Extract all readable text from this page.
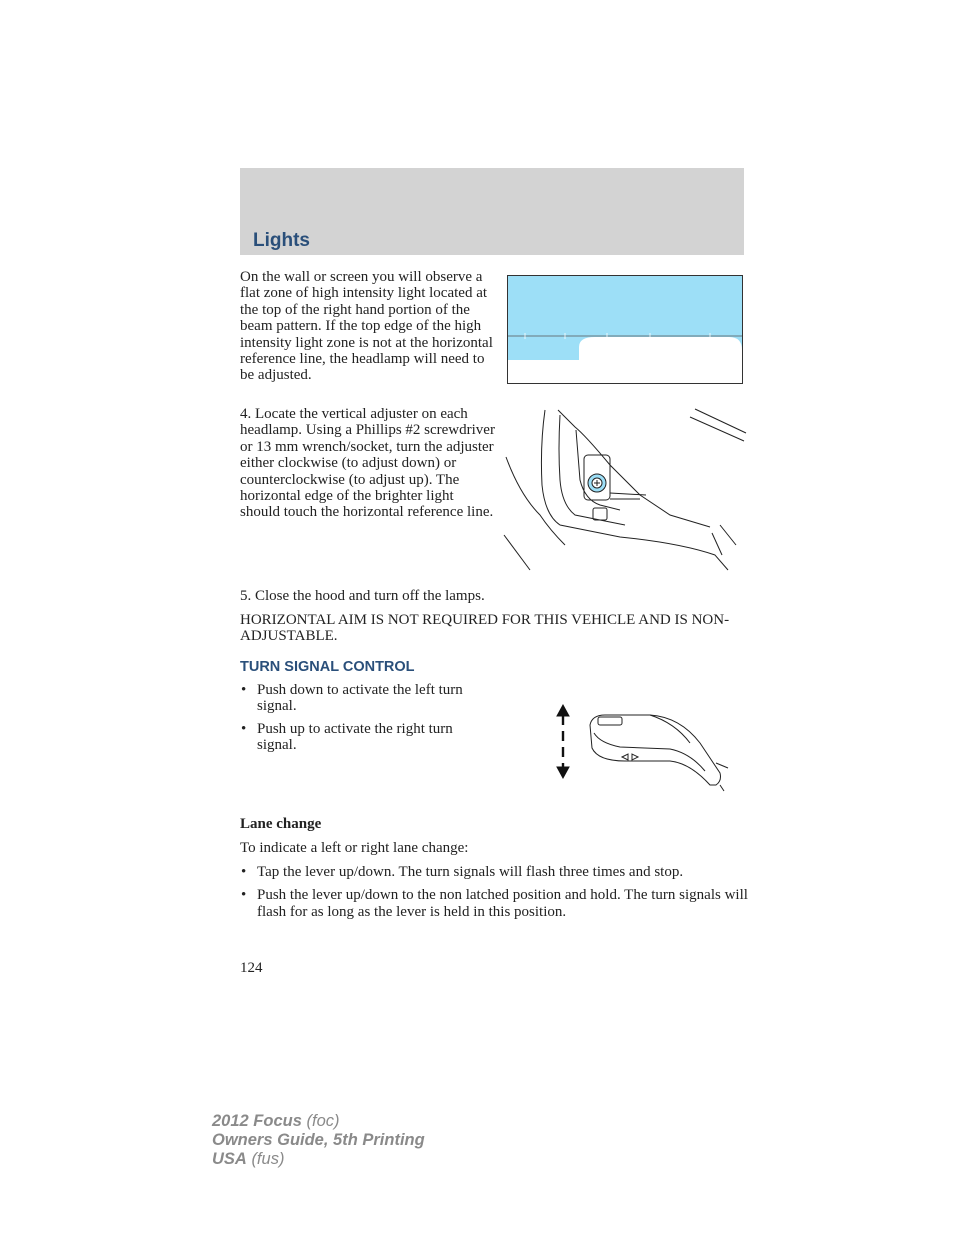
Lights

On the wall or screen you will observe a flat zone of high intensity light located at the top of the right hand portion of the beam pattern. If the top edge of the high intensity light zone is not at the horizontal reference line, the headlamp will need to be adjusted.

4. Locate the vertical adjuster on each headlamp. Using a Phillips #2 screwdriver or 13 mm wrench/socket, turn the adjuster either clockwise (to adjust down) or counterclockwise (to adjust up). The horizontal edge of the brighter light should touch the horizontal reference line.

5. Close the hood and turn off the lamps.

HORIZONTAL AIM IS NOT REQUIRED FOR THIS VEHICLE AND IS NON-ADJUSTABLE.

TURN SIGNAL CONTROL
• Push down to activate the left turn signal.
• Push up to activate the right turn signal.

Lane change

To indicate a left or right lane change:

• Tap the lever up/down. The turn signals will flash three times and stop.
• Push the lever up/down to the non latched position and hold. The turn signals will flash for as long as the lever is held in this position.
124
2012 Focus (foc)
Owners Guide, 5th Printing
USA (fus)
